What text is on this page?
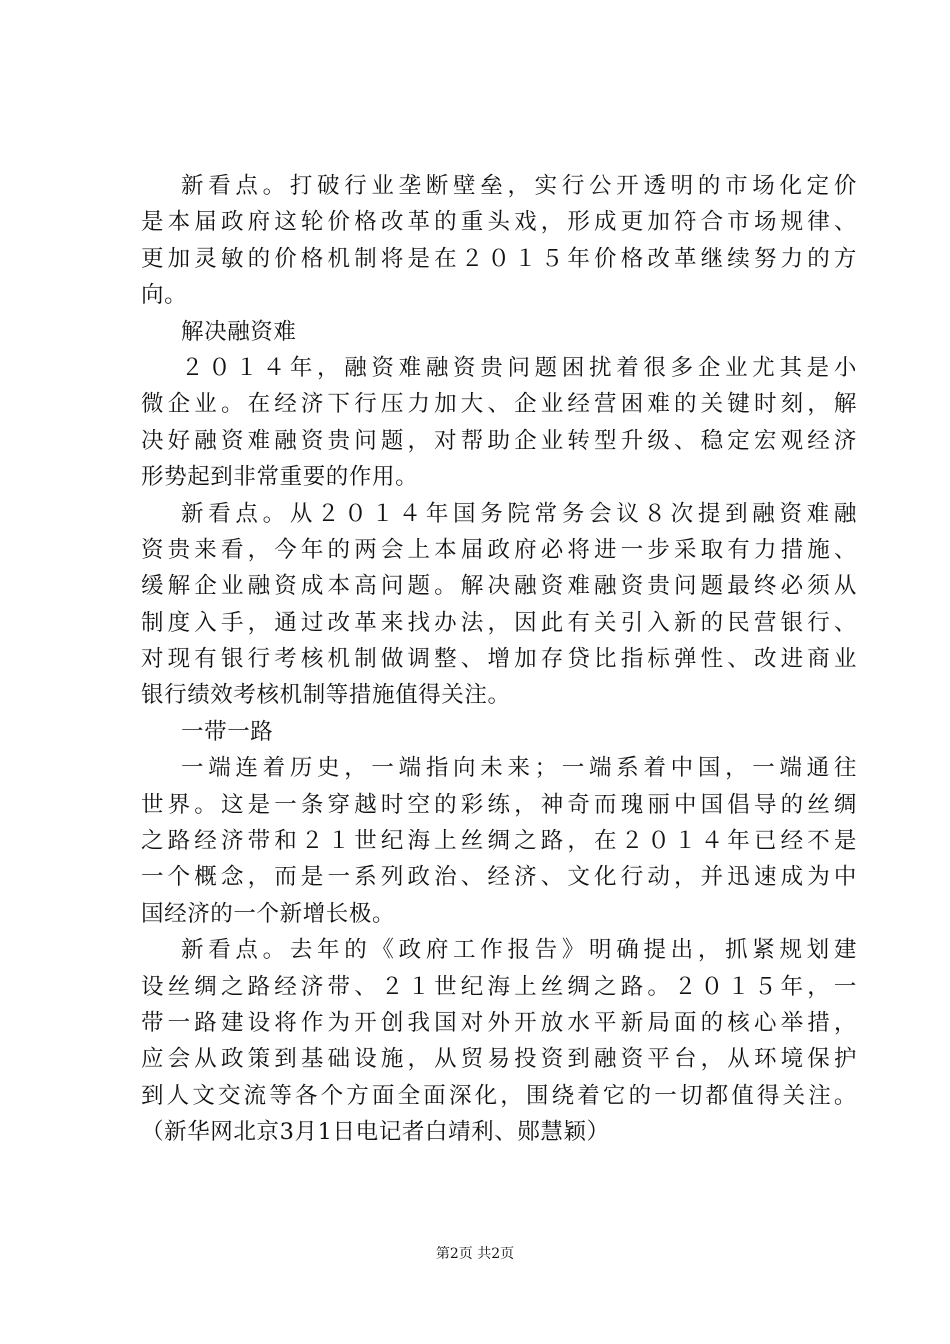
新看点。打破行业垄断壁垒，实行公开透明的市场化定价
是本届政府这轮价格改革的重头戏，形成更加符合市场规律、
更加灵敏的价格机制将是在２０１５年价格改革继续努力的方
向。
解决融资难
２０１４年，融资难融资贵问题困扰着很多企业尤其是小
微企业。在经济下行压力加大、企业经营困难的关键时刻，解
决好融资难融资贵问题，对帮助企业转型升级、稳定宏观经济
形势起到非常重要的作用。
新看点。从２０１４年国务院常务会议８次提到融资难融
资贵来看，今年的两会上本届政府必将进一步采取有力措施、
缓解企业融资成本高问题。解决融资难融资贵问题最终必须从
制度入手，通过改革来找办法，因此有关引入新的民营银行、
对现有银行考核机制做调整、增加存贷比指标弹性、改进商业
银行绩效考核机制等措施值得关注。
一带一路
一端连着历史，一端指向未来；一端系着中国，一端通往
世界。这是一条穿越时空的彩练，神奇而瑰丽中国倡导的丝绸
之路经济带和２１世纪海上丝绸之路，在２０１４年已经不是
一个概念，而是一系列政治、经济、文化行动，并迅速成为中
国经济的一个新增长极。
新看点。去年的《政府工作报告》明确提出，抓紧规划建
设丝绸之路经济带、２１世纪海上丝绸之路。２０１５年，一
带一路建设将作为开创我国对外开放水平新局面的核心举措，
应会从政策到基础设施，从贸易投资到融资平台，从环境保护
到人文交流等各个方面全面深化，围绕着它的一切都值得关注。
（新华网北京3月1日电记者白靖利、郧慧颖）
第2页 共2页
